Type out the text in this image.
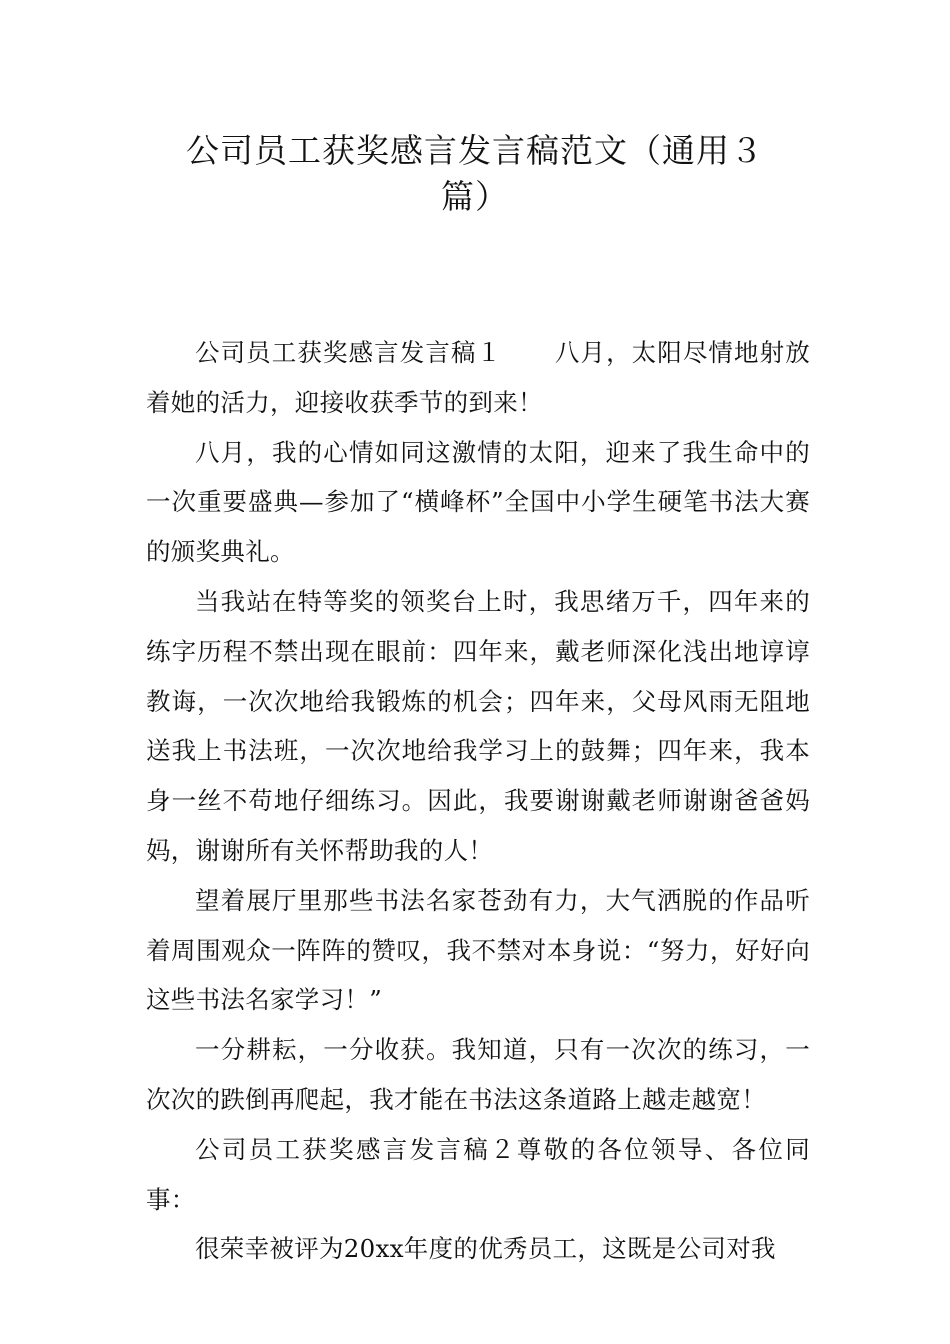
公司员工获奖感言发言稿范文（通用３
篇）

公司员工获奖感言发言稿１ 八月，太阳尽情地射放着她的活力，迎接收获季节的到来！

八月，我的心情如同这激情的太阳，迎来了我生命中的一次重要盛典—参加了“横峰杯”全国中小学生硬笔书法大赛的颁奖典礼。

当我站在特等奖的领奖台上时，我思绪万千，四年来的练字历程不禁出现在眼前：四年来，戴老师深化浅出地谆谆教诲，一次次地给我锻炼的机会；四年来，父母风雨无阻地送我上书法班，一次次地给我学习上的鼓舞；四年来，我本身一丝不苟地仔细练习。因此，我要谢谢戴老师谢谢爸爸妈妈，谢谢所有关怀帮助我的人！

望着展厅里那些书法名家苍劲有力，大气洒脱的作品听着周围观众一阵阵的赞叹，我不禁对本身说：“努力，好好向这些书法名家学习！”

一分耕耘，一分收获。我知道，只有一次次的练习，一次次的跌倒再爬起，我才能在书法这条道路上越走越宽！

公司员工获奖感言发言稿２尊敬的各位领导、各位同事：

很荣幸被评为20xx年度的优秀员工，这既是公司对我
